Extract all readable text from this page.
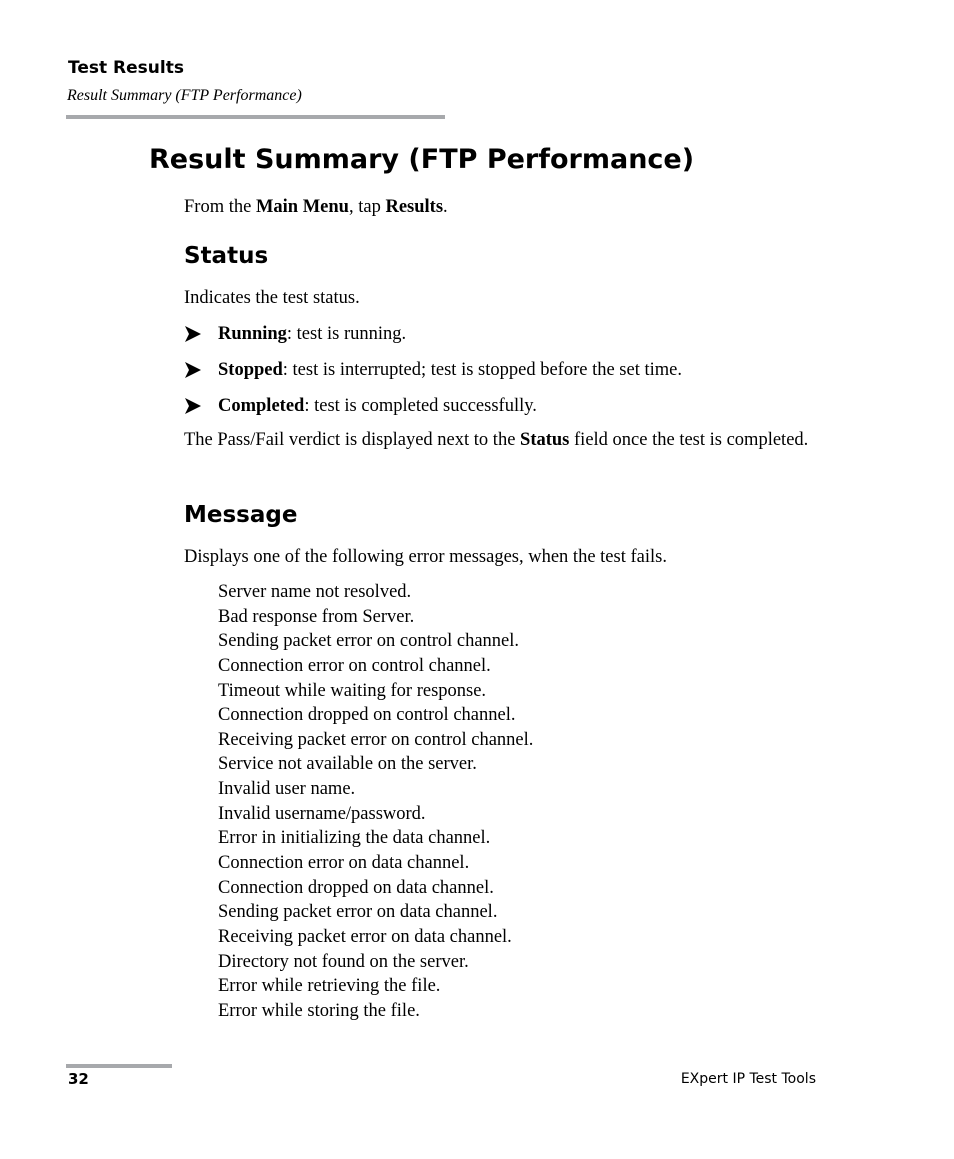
Test Results
Result Summary (FTP Performance)
Result Summary (FTP Performance)

From the Main Menu, tap Results.

Status

Indicates the test status.

Running: test is running.
Stopped: test is interrupted; test is stopped before the set time.
Completed: test is completed successfully.

The Pass/Fail verdict is displayed next to the Status field once the test is completed.

Message

Displays one of the following error messages, when the test fails.

Server name not resolved.
Bad response from Server.
Sending packet error on control channel.
Connection error on control channel.
Timeout while waiting for response.
Connection dropped on control channel.
Receiving packet error on control channel.
Service not available on the server.
Invalid user name.
Invalid username/password.
Error in initializing the data channel.
Connection error on data channel.
Connection dropped on data channel.
Sending packet error on data channel.
Receiving packet error on data channel.
Directory not found on the server.
Error while retrieving the file.
Error while storing the file.
32	EXpert IP Test Tools
